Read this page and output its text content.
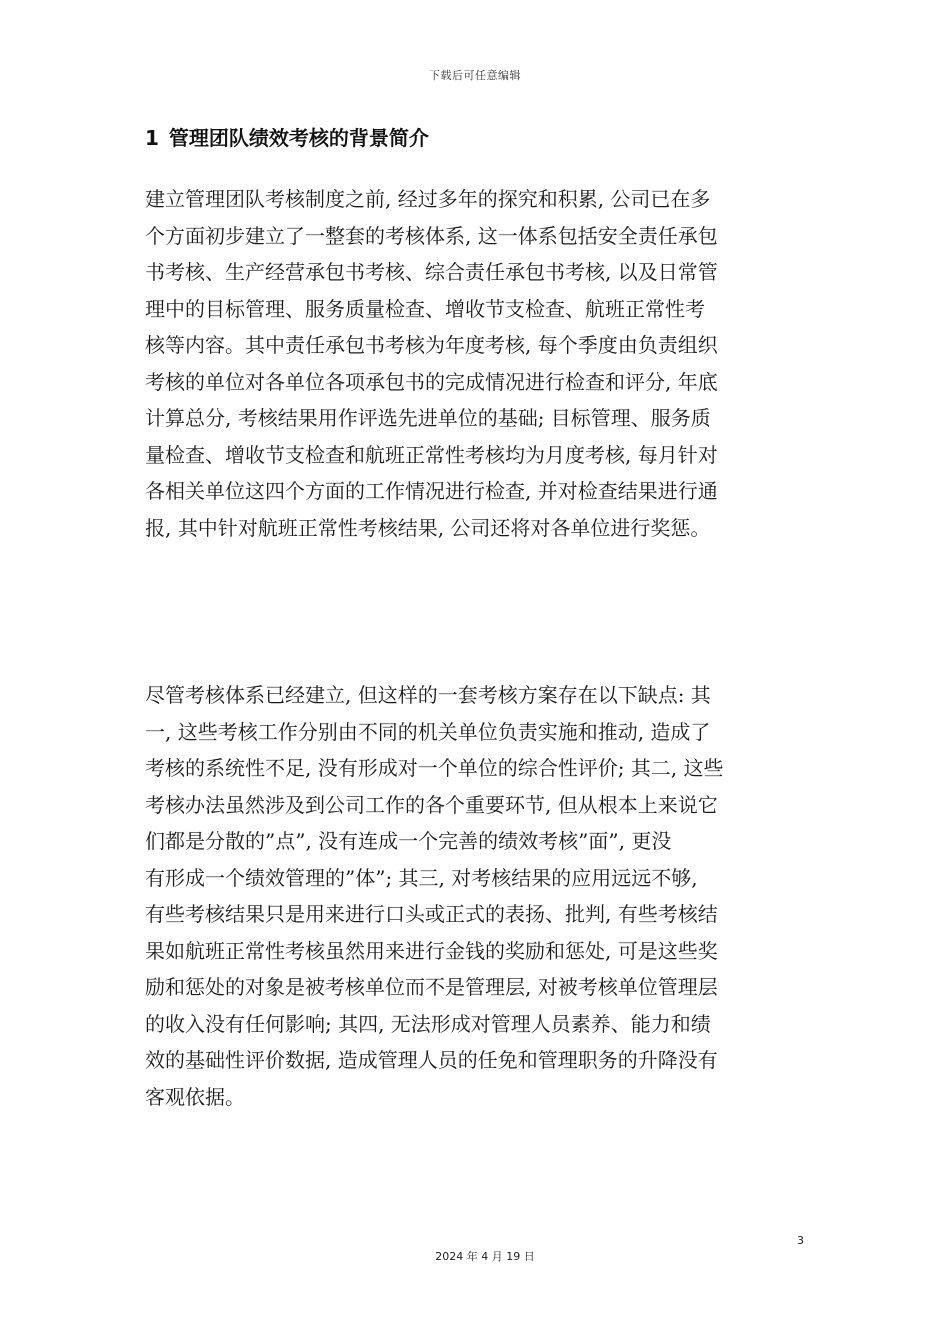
下载后可任意编辑
1 管理团队绩效考核的背景简介
建立管理团队考核制度之前, 经过多年的探究和积累, 公司已在多
个方面初步建立了一整套的考核体系, 这一体系包括安全责任承包
书考核、生产经营承包书考核、综合责任承包书考核, 以及日常管
理中的目标管理、服务质量检查、增收节支检查、航班正常性考
核等内容。其中责任承包书考核为年度考核, 每个季度由负责组织
考核的单位对各单位各项承包书的完成情况进行检查和评分, 年底
计算总分, 考核结果用作评选先进单位的基础; 目标管理、服务质
量检查、增收节支检查和航班正常性考核均为月度考核, 每月针对
各相关单位这四个方面的工作情况进行检查, 并对检查结果进行通
报, 其中针对航班正常性考核结果, 公司还将对各单位进行奖惩。
尽管考核体系已经建立, 但这样的一套考核方案存在以下缺点: 其
一, 这些考核工作分别由不同的机关单位负责实施和推动, 造成了
考核的系统性不足, 没有形成对一个单位的综合性评价; 其二, 这些
考核办法虽然涉及到公司工作的各个重要环节, 但从根本上来说它
们都是分散的”点”, 没有连成一个完善的绩效考核”面”, 更没
有形成一个绩效管理的”体”; 其三, 对考核结果的应用远远不够,
有些考核结果只是用来进行口头或正式的表扬、批判, 有些考核结
果如航班正常性考核虽然用来进行金钱的奖励和惩处, 可是这些奖
励和惩处的对象是被考核单位而不是管理层, 对被考核单位管理层
的收入没有任何影响; 其四, 无法形成对管理人员素养、能力和绩
效的基础性评价数据, 造成管理人员的任免和管理职务的升降没有
客观依据。
3
2024 年 4 月 19 日
